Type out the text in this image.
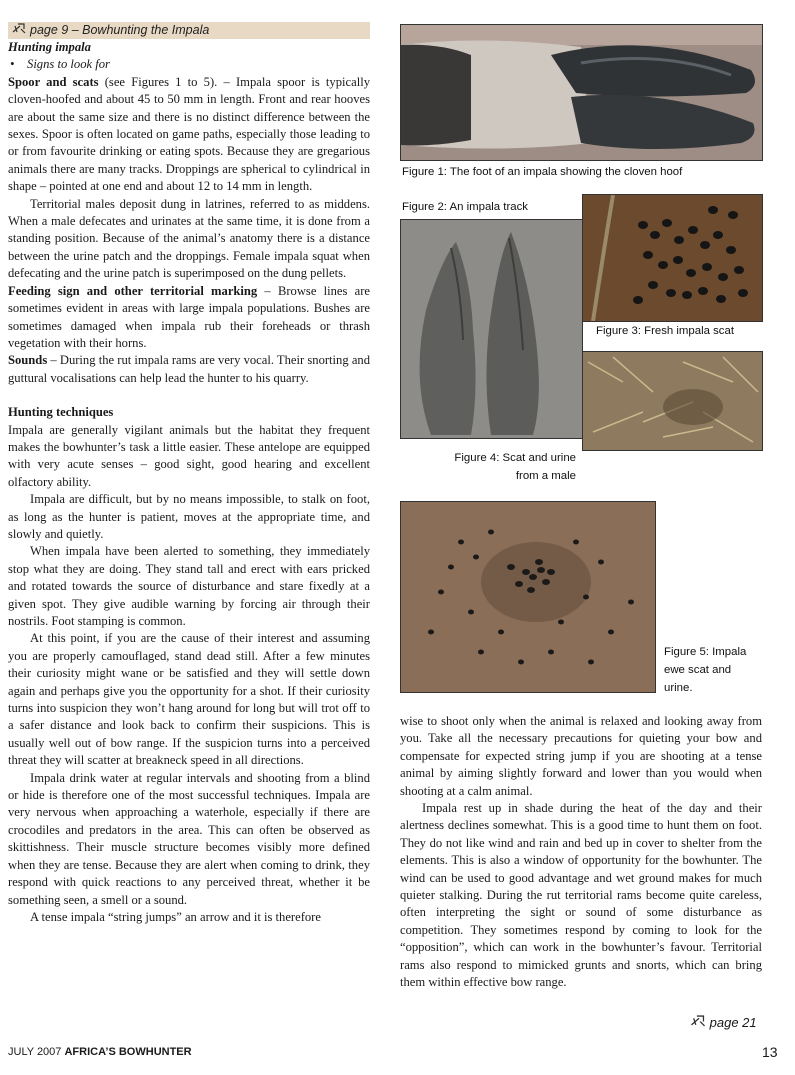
page 9 – Bowhunting the Impala

Hunting impala

•    Signs to look for

Spoor and scats (see Figures 1 to 5). – Impala spoor is typically cloven-hoofed and about 45 to 50 mm in length. Front and rear hooves are about the same size and there is no distinct difference between the sexes. Spoor is often located on game paths, especially those leading to or from favourite drinking or eating spots. Because they are gregarious animals there are many tracks. Droppings are spherical to cylindrical in shape – pointed at one end and about 12 to 14 mm in length.

Territorial males deposit dung in latrines, referred to as middens. When a male defecates and urinates at the same time, it is done from a standing position. Because of the animal’s anatomy there is a distance between the urine patch and the droppings. Female impala squat when defecating and the urine patch is superimposed on the dung pellets.

Feeding sign and other territorial marking – Browse lines are sometimes evident in areas with large impala populations. Bushes are sometimes damaged when impala rub their foreheads or thrash vegetation with their horns.

Sounds – During the rut impala rams are very vocal. Their snorting and guttural vocalisations can help lead the hunter to his quarry.

Hunting techniques

Impala are generally vigilant animals but the habitat they frequent makes the bowhunter’s task a little easier. These antelope are equipped with very acute senses – good sight, good hearing and excellent olfactory ability.

Impala are difficult, but by no means impossible, to stalk on foot, as long as the hunter is patient, moves at the appropriate time, and slowly and quietly.

When impala have been alerted to something, they immediately stop what they are doing. They stand tall and erect with ears pricked and rotated towards the source of disturbance and stare fixedly at a given spot. They give audible warning by forcing air through their nostrils. Foot stamping is common.

At this point, if you are the cause of their interest and assuming you are properly camouflaged, stand dead still. After a few minutes their curiosity might wane or be satisfied and they will settle down again and perhaps give you the opportunity for a shot. If their curiosity turns into suspicion they won’t hang around for long but will trot off to a safer distance and look back to confirm their suspicions. This is usually well out of bow range. If the suspicion turns into a perceived threat they will scatter at breakneck speed in all directions.

Impala drink water at regular intervals and shooting from a blind or hide is therefore one of the most successful techniques. Impala are very nervous when approaching a waterhole, especially if there are crocodiles and predators in the area. This can often be observed as skittishness. Their muscle structure becomes visibly more defined when they are tense. Because they are alert when coming to drink, they respond with quick reactions to any perceived threat, whether it be something seen, a smell or a sound.

A tense impala “string jumps” an arrow and it is therefore

Figure 1: The foot of an impala showing the cloven hoof
Figure 2: An impala track
Figure 3: Fresh impala scat
Figure 4: Scat and urine
from a male
Figure 5: Impala
ewe scat and
urine.

wise to shoot only when the animal is relaxed and looking away from you. Take all the necessary precautions for quieting your bow and compensate for expected string jump if you are shooting at a tense animal by aiming slightly forward and lower than you would when shooting at a calm animal.

Impala rest up in shade during the heat of the day and their alertness declines somewhat. This is a good time to hunt them on foot. They do not like wind and rain and bed up in cover to shelter from the elements. This is also a window of opportunity for the bowhunter. The wind can be used to good advantage and wet ground makes for much quieter stalking. During the rut territorial rams become quite careless, often interpreting the sight or sound of some disturbance as competition. They sometimes respond by coming to look for the “opposition”, which can work in the bowhunter’s favour. Territorial rams also respond to mimicked grunts and snorts, which can bring them within effective bow range.

page 21
JULY 2007 AFRICA’S BOWHUNTER	13
